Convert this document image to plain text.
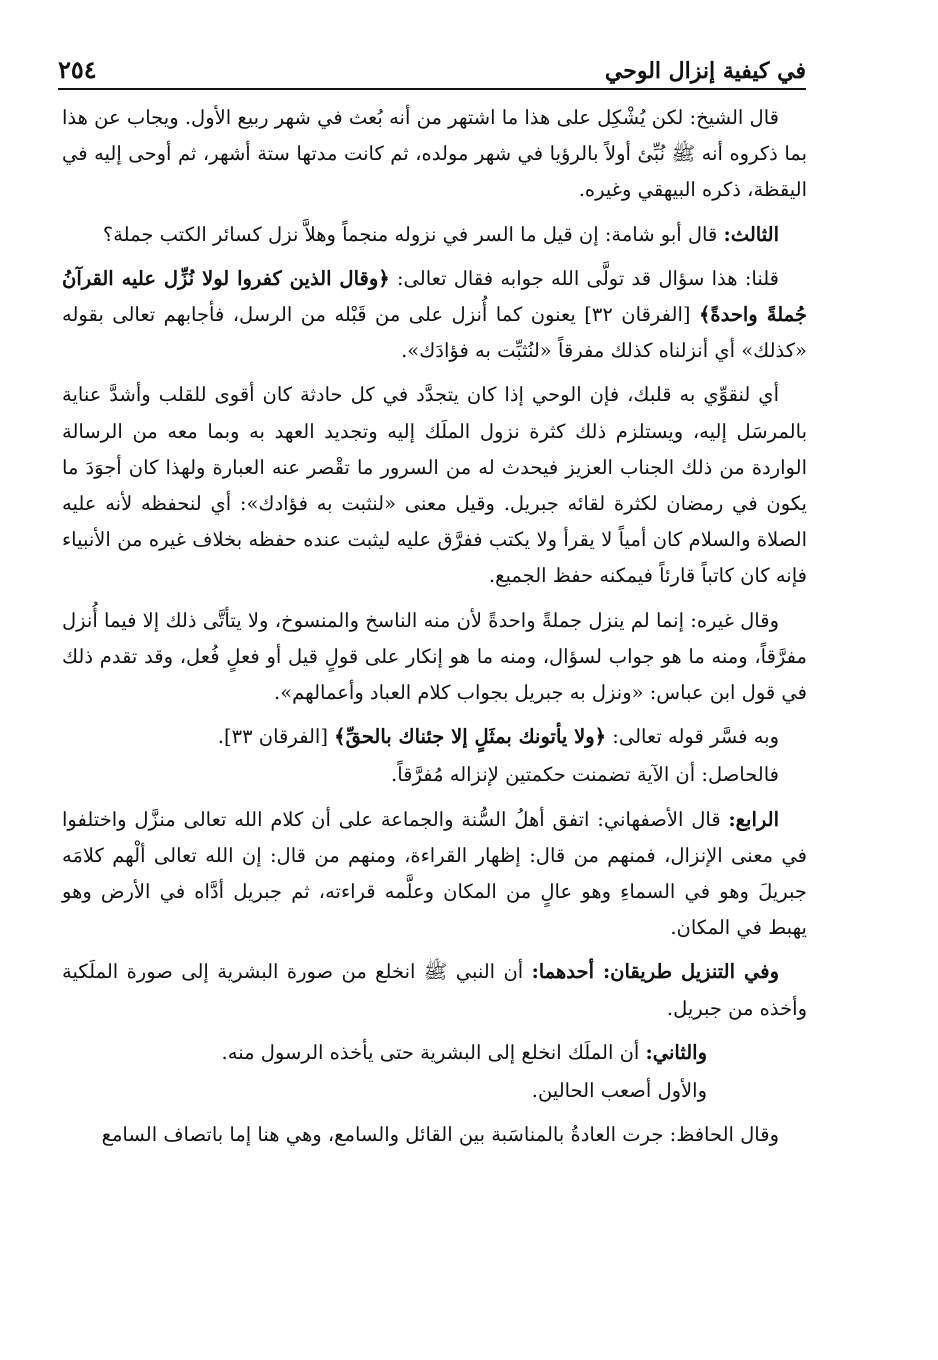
في كيفية إنزال الوحي
٢٥٤

قال الشيخ: لكن يُشْكِل على هذا ما اشتهر من أنه بُعث في شهر ربيع الأول. ويجاب عن هذا بما ذكروه أنه ﷺ نُبِّئ أولاً بالرؤيا في شهر مولده، ثم كانت مدتها ستة أشهر، ثم أوحى إليه في اليقظة، ذكره البيهقي وغيره.

الثالث: قال أبو شامة: إن قيل ما السر في نزوله منجماً وهلاَّ نزل كسائر الكتب جملة؟

قلنا: هذا سؤال قد تولَّى الله جوابه فقال تعالى: ﴿وقال الذين كفروا لولا نُزِّل عليه القرآنُ جُملةً واحدةً﴾ [الفرقان ٣٢] يعنون كما أُنزل على من قَبْله من الرسل، فأجابهم تعالى بقوله «كذلك» أي أنزلناه كذلك مفرقاً «لنُثبِّت به فؤادَك».

أي لنقوِّي به قلبك، فإن الوحي إذا كان يتجدَّد في كل حادثة كان أقوى للقلب وأشدَّ عناية بالمرسَل إليه، ويستلزم ذلك كثرة نزول الملَك إليه وتجديد العهد به وبما معه من الرسالة الواردة من ذلك الجناب العزيز فيحدث له من السرور ما تقْصر عنه العبارة ولهذا كان أجوَدَ ما يكون في رمضان لكثرة لقائه جبريل. وقيل معنى «لنثبت به فؤادك»: أي لنحفظه لأنه عليه الصلاة والسلام كان أمياً لا يقرأ ولا يكتب ففرَّق عليه ليثبت عنده حفظه بخلاف غيره من الأنبياء فإنه كان كاتباً قارئاً فيمكنه حفظ الجميع.

وقال غيره: إنما لم ينزل جملةً واحدةً لأن منه الناسخ والمنسوخ، ولا يتأتَّى ذلك إلا فيما أُنزل مفرَّقاً، ومنه ما هو جواب لسؤال، ومنه ما هو إنكار على قولٍ قيل أو فعلٍ فُعل، وقد تقدم ذلك في قول ابن عباس: «ونزل به جبريل بجواب كلام العباد وأعمالهم».

وبه فسَّر قوله تعالى: ﴿ولا يأتونك بمثَلٍ إلا جئناك بالحقِّ﴾ [الفرقان ٣٣].

فالحاصل: أن الآية تضمنت حكمتين لإنزاله مُفرَّقاً.

الرابع: قال الأصفهاني: اتفق أهلُ السُّنة والجماعة على أن كلام الله تعالى منزَّل واختلفوا في معنى الإنزال، فمنهم من قال: إظهار القراءة، ومنهم من قال: إن الله تعالى ألْهم كلامَه جبريلَ وهو في السماءِ وهو عالٍ من المكان وعلَّمه قراءته، ثم جبريل أدَّاه في الأرض وهو يهبط في المكان.

وفي التنزيل طريقان: أحدهما: أن النبي ﷺ انخلع من صورة البشرية إلى صورة الملَكية وأخذه من جبريل.

والثاني: أن الملَك انخلع إلى البشرية حتى يأخذه الرسول منه.

والأول أصعب الحالين.

وقال الحافظ: جرت العادةُ بالمناسَبة بين القائل والسامع، وهي هنا إما باتصاف السامع
